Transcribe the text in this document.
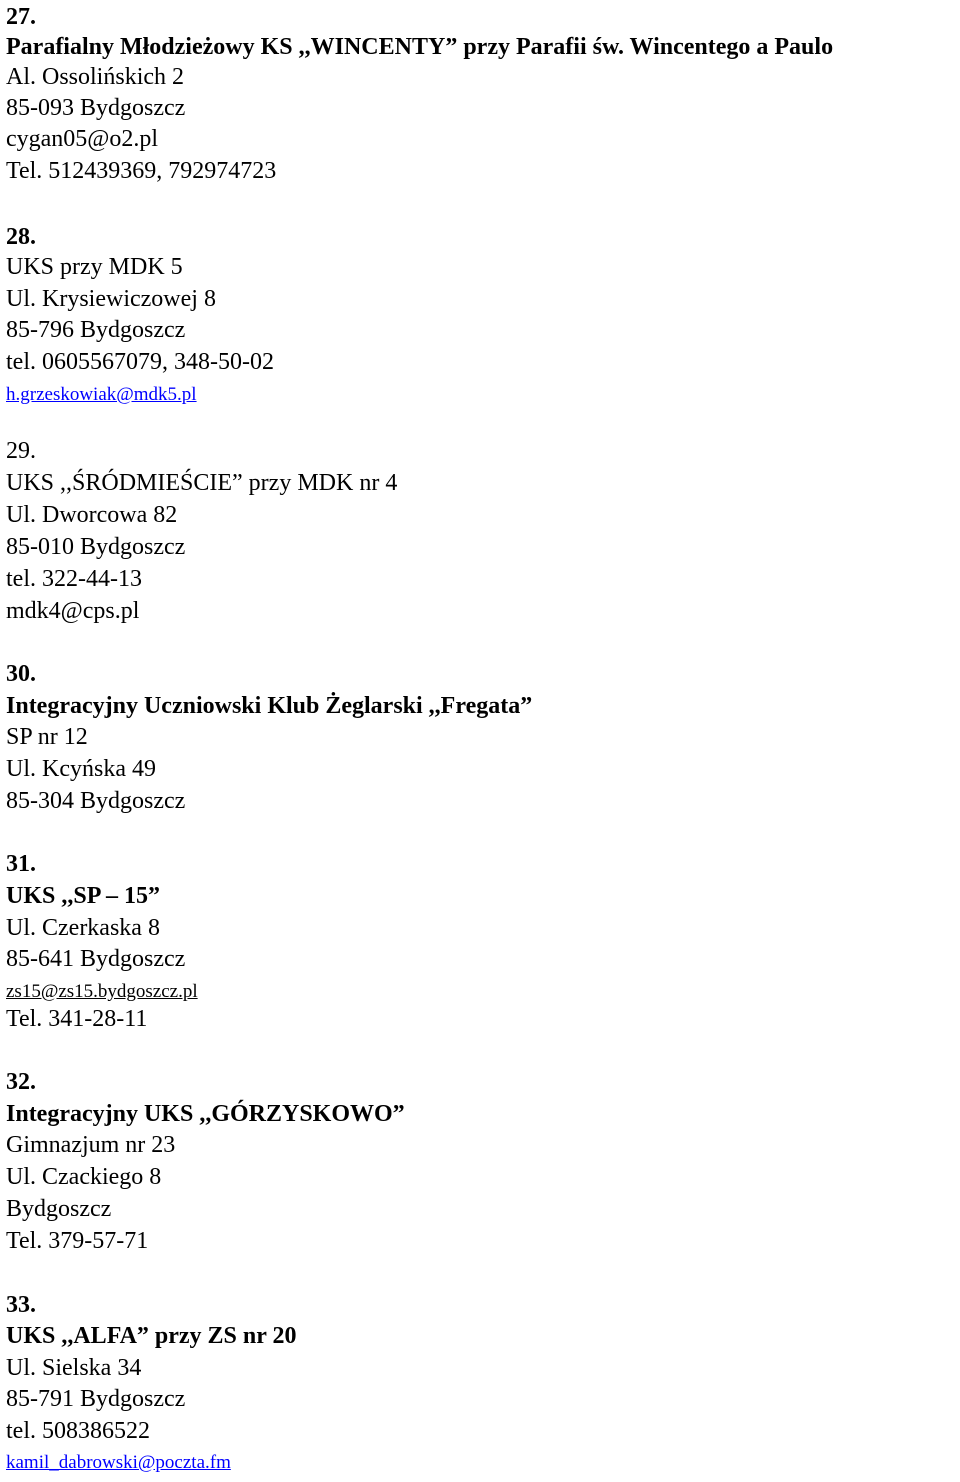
27.

Parafialny Młodzieżowy KS ,,WINCENTY” przy Parafii św. Wincentego a Paulo

Al. Ossolińskich 2

85-093 Bydgoszcz

cygan05@o2.pl

Tel. 512439369, 792974723

28.

UKS przy MDK 5

Ul. Krysiewiczowej 8

85-796 Bydgoszcz

tel. 0605567079, 348-50-02

h.grzeskowiak@mdk5.pl

29.

UKS ,,ŚRÓDMIEŚCIE” przy MDK nr 4

Ul. Dworcowa 82

85-010 Bydgoszcz

tel. 322-44-13

mdk4@cps.pl

30.

Integracyjny Uczniowski Klub Żeglarski ,,Fregata”

SP nr 12

Ul. Kcyńska 49

85-304 Bydgoszcz

31.

UKS ,,SP – 15”

Ul. Czerkaska 8

85-641 Bydgoszcz

zs15@zs15.bydgoszcz.pl

Tel. 341-28-11

32.

Integracyjny UKS ,,GÓRZYSKOWO”

Gimnazjum nr 23

Ul. Czackiego 8

Bydgoszcz

Tel. 379-57-71

33.

UKS ,,ALFA” przy ZS nr 20

Ul. Sielska 34

85-791 Bydgoszcz

tel. 508386522

kamil_dabrowski@poczta.fm
